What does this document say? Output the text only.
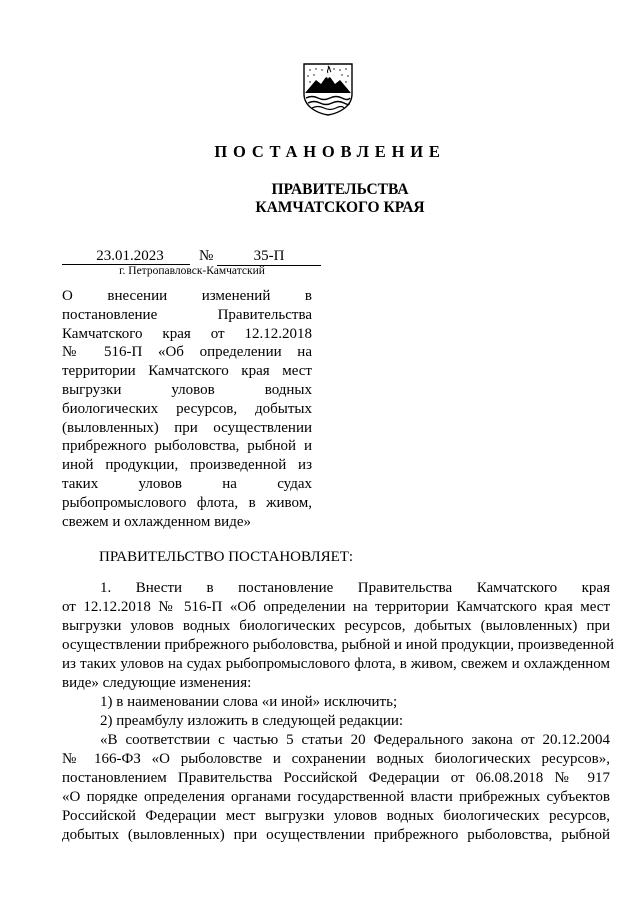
ПОСТАНОВЛЕНИЕ
ПРАВИТЕЛЬСТВА
КАМЧАТСКОГО КРАЯ
23.01.2023	№	35-П
г. Петропавловск-Камчатский
О внесении изменений в
постановление Правительства
Камчатского края от 12.12.2018
№ 516-П «Об определении на
территории Камчатского края мест
выгрузки уловов водных
биологических ресурсов, добытых
(выловленных) при осуществлении
прибрежного рыболовства, рыбной и
иной продукции, произведенной из
таких уловов на судах
рыбопромыслового флота, в живом,
свежем и охлажденном виде»
ПРАВИТЕЛЬСТВО ПОСТАНОВЛЯЕТ:
1. Внести в постановление Правительства Камчатского края
от 12.12.2018 № 516-П «Об определении на территории Камчатского края мест
выгрузки уловов водных биологических ресурсов, добытых (выловленных) при
осуществлении прибрежного рыболовства, рыбной и иной продукции, произведенной
из таких уловов на судах рыбопромыслового флота, в живом, свежем и охлажденном
виде» следующие изменения:
1) в наименовании слова «и иной» исключить;
2) преамбулу изложить в следующей редакции:
«В соответствии с частью 5 статьи 20 Федерального закона от 20.12.2004
№ 166-ФЗ «О рыболовстве и сохранении водных биологических ресурсов»,
постановлением Правительства Российской Федерации от 06.08.2018 № 917
«О порядке определения органами государственной власти прибрежных субъектов
Российской Федерации мест выгрузки уловов водных биологических ресурсов,
добытых (выловленных) при осуществлении прибрежного рыболовства, рыбной
